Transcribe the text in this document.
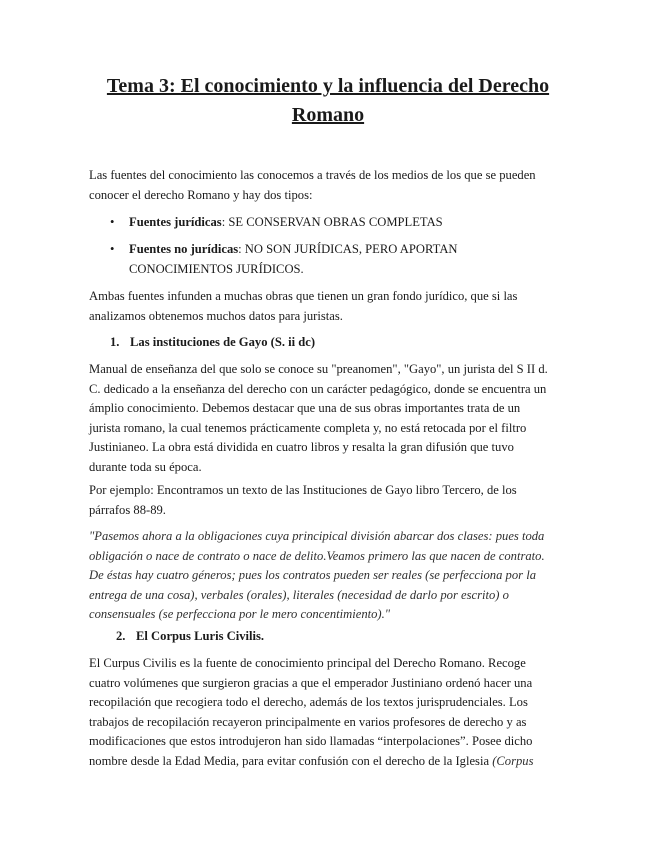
Tema 3: El conocimiento y la influencia del Derecho
Romano

Las fuentes del conocimiento las conocemos a través de los medios de los que se pueden
conocer el derecho Romano y hay dos tipos:

• Fuentes jurídicas: SE CONSERVAN OBRAS COMPLETAS

• Fuentes no jurídicas: NO SON JURÍDICAS, PERO APORTAN
CONOCIMIENTOS JURÍDICOS.

Ambas fuentes infunden a muchas obras que tienen un gran fondo jurídico, que si las
analizamos obtenemos muchos datos para juristas.

1. Las instituciones de Gayo (S. ii dc)

Manual de enseñanza del que solo se conoce su "preanomen", "Gayo", un jurista del S II d.
C. dedicado a la enseñanza del derecho con un carácter pedagógico, donde se encuentra un
ámplio conocimiento. Debemos destacar que una de sus obras importantes trata de un
jurista romano, la cual tenemos prácticamente completa y, no está retocada por el filtro
Justinianeo. La obra está dividida en cuatro libros y resalta la gran difusión que tuvo
durante toda su época.

Por ejemplo: Encontramos un texto de las Instituciones de Gayo libro Tercero, de los
párrafos 88-89.

"Pasemos ahora a la obligaciones cuya principical división abarcar dos clases: pues toda
obligación o nace de contrato o nace de delito.Veamos primero las que nacen de contrato.
De éstas hay cuatro géneros; pues los contratos pueden ser reales (se perfecciona por la
entrega de una cosa), verbales (orales), literales (necesidad de darlo por escrito) o
consensuales (se perfecciona por le mero concentimiento)."

2. El Corpus Luris Civilis.

El Curpus Civilis es la fuente de conocimiento principal del Derecho Romano. Recoge
cuatro volúmenes que surgieron gracias a que el emperador Justiniano ordenó hacer una
recopilación que recogiera todo el derecho, además de los textos jurisprudenciales. Los
trabajos de recopilación recayeron principalmente en varios profesores de derecho y as
modificaciones que estos introdujeron han sido llamadas “interpolaciones”. Posee dicho
nombre desde la Edad Media, para evitar confusión con el derecho de la Iglesia (Corpus
